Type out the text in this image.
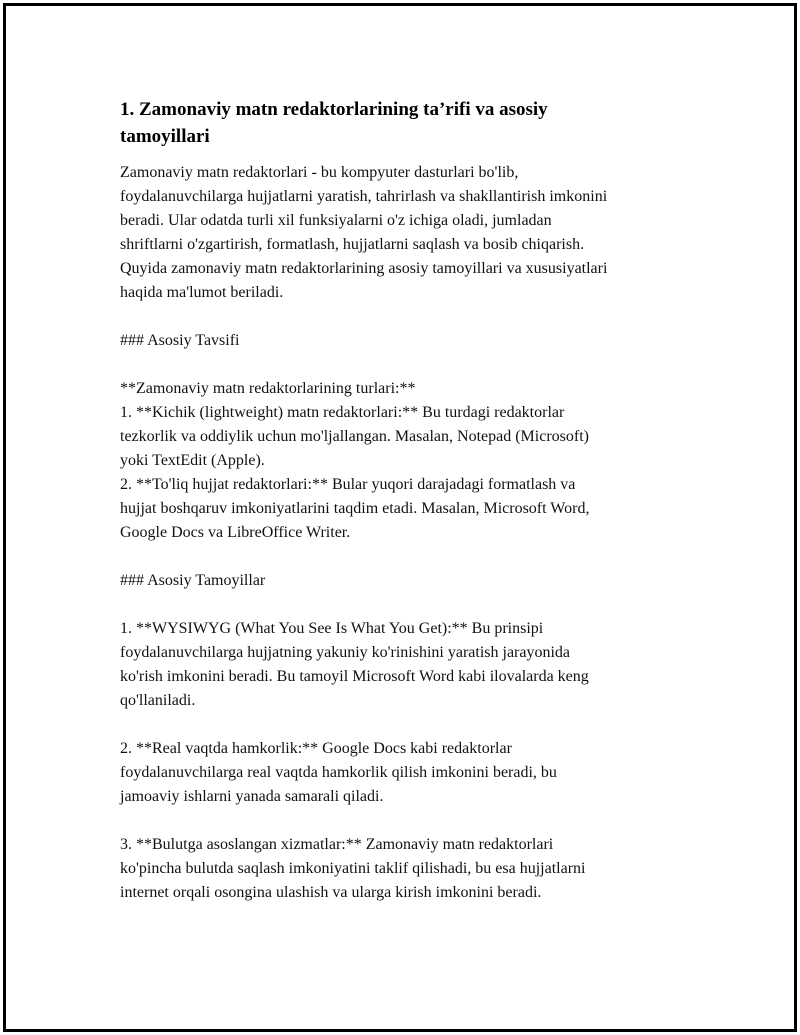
1. Zamonaviy matn redaktorlarining ta’rifi va asosiy
tamoyillari
Zamonaviy matn redaktorlari - bu kompyuter dasturlari bo'lib,
foydalanuvchilarga hujjatlarni yaratish, tahrirlash va shakllantirish imkonini
beradi. Ular odatda turli xil funksiyalarni o'z ichiga oladi, jumladan
shriftlarni o'zgartirish, formatlash, hujjatlarni saqlash va bosib chiqarish.
Quyida zamonaviy matn redaktorlarining asosiy tamoyillari va xususiyatlari
haqida ma'lumot beriladi.
### Asosiy Tavsifi
**Zamonaviy matn redaktorlarining turlari:**
1. **Kichik (lightweight) matn redaktorlari:** Bu turdagi redaktorlar
tezkorlik va oddiylik uchun mo'ljallangan. Masalan, Notepad (Microsoft)
yoki TextEdit (Apple).
2. **To'liq hujjat redaktorlari:** Bular yuqori darajadagi formatlash va
hujjat boshqaruv imkoniyatlarini taqdim etadi. Masalan, Microsoft Word,
Google Docs va LibreOffice Writer.
### Asosiy Tamoyillar
1. **WYSIWYG (What You See Is What You Get):** Bu prinsipi
foydalanuvchilarga hujjatning yakuniy ko'rinishini yaratish jarayonida
ko'rish imkonini beradi. Bu tamoyil Microsoft Word kabi ilovalarda keng
qo'llaniladi.
2. **Real vaqtda hamkorlik:** Google Docs kabi redaktorlar
foydalanuvchilarga real vaqtda hamkorlik qilish imkonini beradi, bu
jamoaviy ishlarni yanada samarali qiladi.
3. **Bulutga asoslangan xizmatlar:** Zamonaviy matn redaktorlari
ko'pincha bulutda saqlash imkoniyatini taklif qilishadi, bu esa hujjatlarni
internet orqali osongina ulashish va ularga kirish imkonini beradi.
